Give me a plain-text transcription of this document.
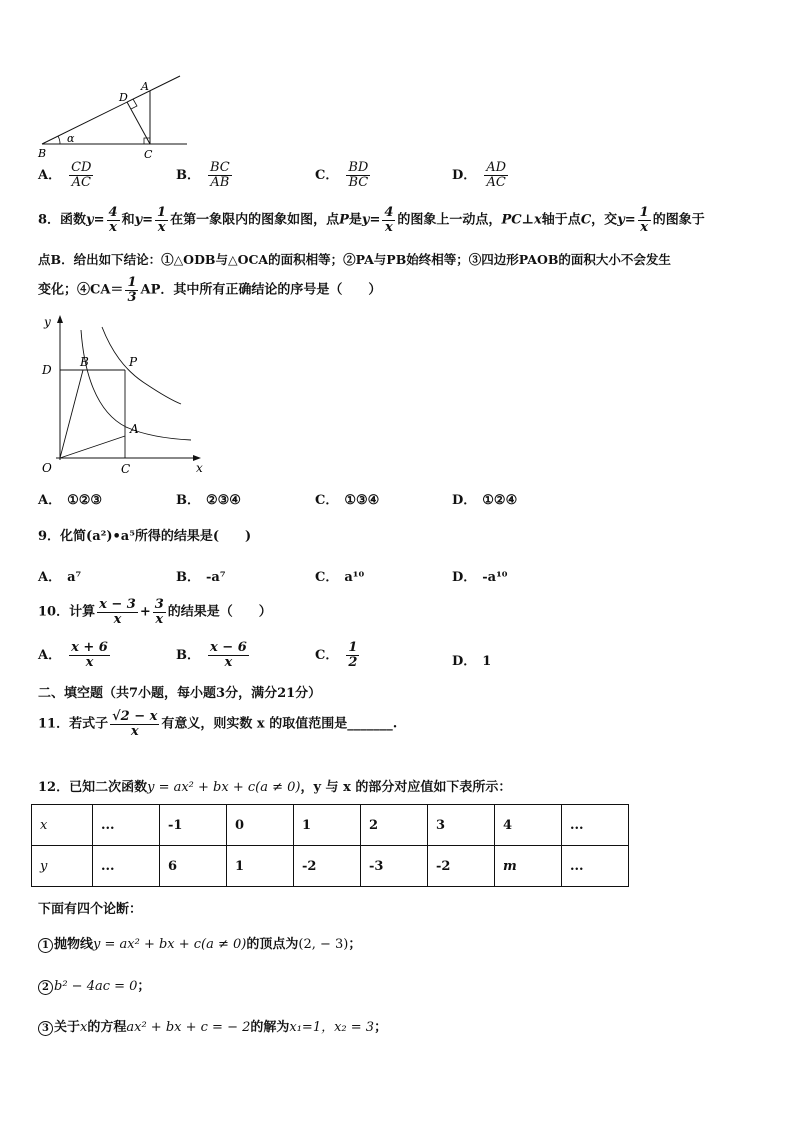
A
D
B	C
α
A． $\frac{CD}{AC}$	B． $\frac{BC}{AB}$	C． $\frac{BD}{BC}$	D． $\frac{AD}{AC}$
8．函数$y= \frac{4}{x}$ 和$y= \frac{1}{x}$ 在第一象限内的图象如图，点P是$y= \frac{4}{x}$ 的图象上一动点，PC⊥x轴于点C，交$y= \frac{1}{x}$ 的图象于
点B．给出如下结论：①△ODB与△OCA的面积相等；②PA与PB始终相等；③四边形PAOB的面积大小不会发生
变化；④CA＝ $\frac{1}{3}$ AP．其中所有正确结论的序号是（　　）
y
x
O
B	P
D
A
C
A． ①②③	B． ②③④	C． ①③④	D． ①②④
9．化简(a²)•a⁵所得的结果是(　　)
A． a⁷	B． -a⁷	C． a¹⁰	D． -a¹⁰
10．计算 $\frac{x - 3}{x} + \frac{3}{x}$ 的结果是（　　）
A． $\frac{x + 6}{x}$	B． $\frac{x - 6}{x}$	C． $\frac{1}{2}$	D． 1
二、填空题（共7小题，每小题3分，满分21分）
11．若式子 $\frac{√2 - x}{x}$ 有意义，则实数 x 的取值范围是_______.
12．已知二次函数y = ax² + bx + c(a ≠ 0)，y 与 x 的部分对应值如下表所示：
x	...	-1	0	1	2	3	4	...
y	...	6	1	-2	-3	-2	m	...
下面有四个论断：
1 抛物线y = ax² + bx + c(a ≠ 0)的顶点为(2, − 3)；
2 b² − 4ac = 0；
3 关于x的方程ax² + bx + c = − 2的解为x₁=1，x₂ = 3；
